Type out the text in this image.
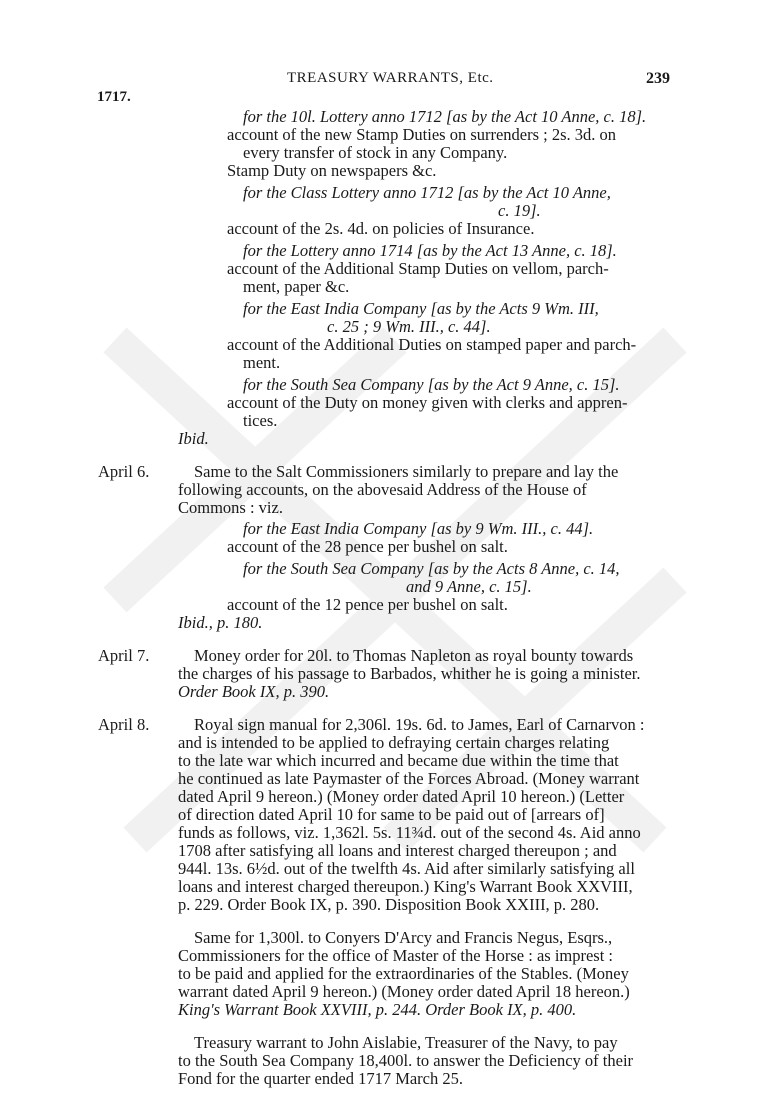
TREASURY WARRANTS, Etc.	239
1717.
for the 10l. Lottery anno 1712 [as by the Act 10 Anne, c. 18].
account of the new Stamp Duties on surrenders ; 2s. 3d. on
every transfer of stock in any Company.
Stamp Duty on newspapers &c.
for the Class Lottery anno 1712 [as by the Act 10 Anne,
c. 19].
account of the 2s. 4d. on policies of Insurance.
for the Lottery anno 1714 [as by the Act 13 Anne, c. 18].
account of the Additional Stamp Duties on vellom, parch-
ment, paper &c.
for the East India Company [as by the Acts 9 Wm. III,
c. 25 ; 9 Wm. III., c. 44].
account of the Additional Duties on stamped paper and parch-
ment.
for the South Sea Company [as by the Act 9 Anne, c. 15].
account of the Duty on money given with clerks and appren-
tices.
Ibid.
April 6.	Same to the Salt Commissioners similarly to prepare and lay the
following accounts, on the abovesaid Address of the House of
Commons : viz.
for the East India Company [as by 9 Wm. III., c. 44].
account of the 28 pence per bushel on salt.
for the South Sea Company [as by the Acts 8 Anne, c. 14,
and 9 Anne, c. 15].
account of the 12 pence per bushel on salt.
Ibid., p. 180.
April 7.	Money order for 20l. to Thomas Napleton as royal bounty towards
the charges of his passage to Barbados, whither he is going a minister.
Order Book IX, p. 390.
April 8.	Royal sign manual for 2,306l. 19s. 6d. to James, Earl of Carnarvon :
and is intended to be applied to defraying certain charges relating
to the late war which incurred and became due within the time that
he continued as late Paymaster of the Forces Abroad. (Money warrant
dated April 9 hereon.) (Money order dated April 10 hereon.) (Letter
of direction dated April 10 for same to be paid out of [arrears of]
funds as follows, viz. 1,362l. 5s. 11¾d. out of the second 4s. Aid anno
1708 after satisfying all loans and interest charged thereupon ; and
944l. 13s. 6½d. out of the twelfth 4s. Aid after similarly satisfying all
loans and interest charged thereupon.) King's Warrant Book XXVIII,
p. 229. Order Book IX, p. 390. Disposition Book XXIII, p. 280.
Same for 1,300l. to Conyers D'Arcy and Francis Negus, Esqrs.,
Commissioners for the office of Master of the Horse : as imprest :
to be paid and applied for the extraordinaries of the Stables. (Money
warrant dated April 9 hereon.) (Money order dated April 18 hereon.)
King's Warrant Book XXVIII, p. 244. Order Book IX, p. 400.
Treasury warrant to John Aislabie, Treasurer of the Navy, to pay
to the South Sea Company 18,400l. to answer the Deficiency of their
Fond for the quarter ended 1717 March 25.
